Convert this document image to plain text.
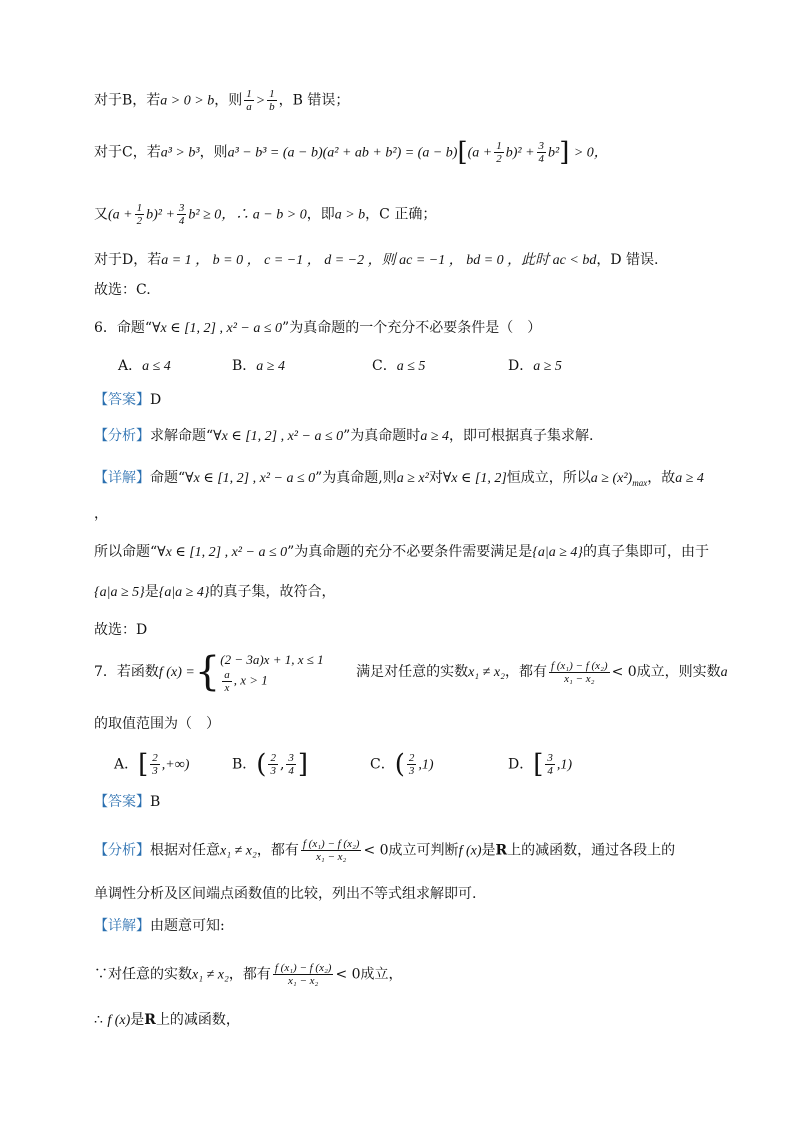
对于B，若a > 0 > b，则 $\frac{1}{a} > \frac{1}{b}$ ，B 错误；
对于C，若a³ > b³，则a³ − b³ = (a − b)(a² + ab + $b^2) = (a - b)[(a + \frac{1}{2} b)^2 + \frac{3}{4} b^2] > 0$，
又$(a + \frac{1}{2} b)^2 + \frac{3}{4} b^2 \ge 0$，∴ a − b > 0，即a > b，C 正确；
对于D，若a = 1 ， b = 0 ， c = −1 ， d = −2 ，则 ac = −1 ， bd = 0 ，此时 ac < bd，D 错误.
故选：C.
6．命题“∀x ∈ [1, 2] , x² − a ≤ 0”为真命题的一个充分不必要条件是（　）
A．a ≤ 4	B．a ≥ 4	C．a ≤ 5	D．a ≥ 5
【答案】D
【分析】求解命题“∀x ∈ [1, 2] , x² − a ≤ 0”为真命题时a ≥ 4，即可根据真子集求解.
【详解】命题“∀x ∈ [1, 2] , x² − a ≤ 0”为真命题,则a ≥ x²对∀x ∈ [1, 2]恒成立，所以$a \ge (x^2)_{max}$，故a ≥ 4
，
所以命题“∀x ∈ [1, 2] , x² − a ≤ 0”为真命题的充分不必要条件需要满足是{a|a ≥ 4}的真子集即可，由于
{a|a ≥ 5}是{a|a ≥ 4}的真子集，故符合，
故选：D
7．若函数f (x) ={ (2 − 3a)x + 1, x ≤ 1
$\frac{a}{x}$ , x > 1	满足对任意的实数x₁ ≠ x₂，都有 $\frac{\text{f (x₁) − f (x₂)}}{\text{x₁ − x₂}} < 0$成立，则实数a
的取值范围为（　）
A．[ $\frac{2}{3}$ ,+∞)	B．( $\frac{2}{3}$ , $\frac{3}{4}$ ]	C．( $\frac{2}{3} ,1$)	D．[ $\frac{3}{4} ,1$)
【答案】B
【分析】根据对任意x₁ ≠ x₂，都有 $\frac{\text{f (x₁) − f (x₂)}}{\text{x₁ − x₂}} < 0$成立可判断f (x)是R上的减函数，通过各段上的
单调性分析及区间端点函数值的比较，列出不等式组求解即可.
【详解】由题意可知:
∵对任意的实数x₁ ≠ x₂，都有 $\frac{\text{f (x₁) − f (x₂)}}{\text{x₁ − x₂}} < 0$成立，
∴ f (x)是R上的减函数，
